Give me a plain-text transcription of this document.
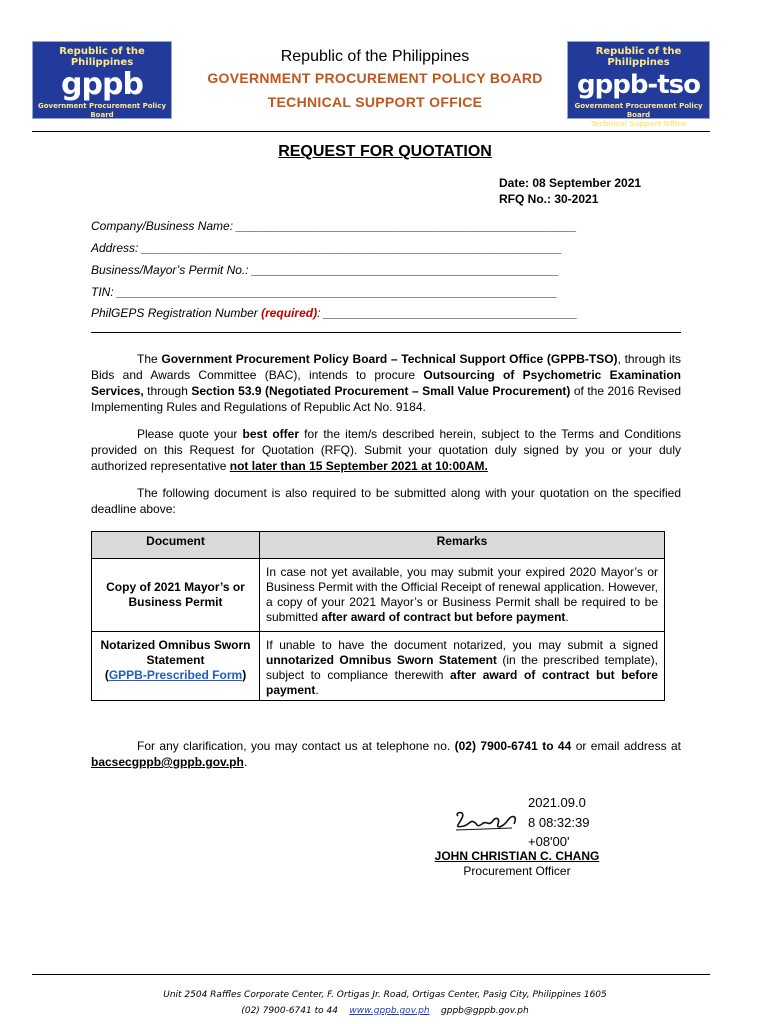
Republic of the Philippines
gppb
Government Procurement Policy Board
Republic of the Philippines
GOVERNMENT PROCUREMENT POLICY BOARD
TECHNICAL SUPPORT OFFICE
Republic of the Philippines
gppb-tso
Government Procurement Policy Board
Technical Support Office
REQUEST FOR QUOTATION
Date: 08 September 2021
RFQ No.: 30-2021
Company/Business Name: ___________________________________________________
Address: _______________________________________________________________
Business/Mayor’s Permit No.: ______________________________________________
TIN: __________________________________________________________________
PhilGEPS Registration Number (required): ______________________________________
The Government Procurement Policy Board – Technical Support Office (GPPB-TSO), through its Bids and Awards Committee (BAC), intends to procure Outsourcing of Psychometric Examination Services, through Section 53.9 (Negotiated Procurement – Small Value Procurement) of the 2016 Revised Implementing Rules and Regulations of Republic Act No. 9184.
Please quote your best offer for the item/s described herein, subject to the Terms and Conditions provided on this Request for Quotation (RFQ). Submit your quotation duly signed by you or your duly authorized representative not later than 15 September 2021 at 10:00AM.
The following document is also required to be submitted along with your quotation on the specified deadline above:
Document	Remarks
Copy of 2021 Mayor’s or Business Permit	In case not yet available, you may submit your expired 2020 Mayor’s or Business Permit with the Official Receipt of renewal application. However, a copy of your 2021 Mayor’s or Business Permit shall be required to be submitted after award of contract but before payment.
Notarized Omnibus Sworn Statement
(GPPB-Prescribed Form)	If unable to have the document notarized, you may submit a signed unnotarized Omnibus Sworn Statement (in the prescribed template), subject to compliance therewith after award of contract but before payment.
For any clarification, you may contact us at telephone no. (02) 7900-6741 to 44 or email address at bacsecgppb@gppb.gov.ph.
2021.09.0
8 08:32:39
+08'00'
JOHN CHRISTIAN C. CHANG
Procurement Officer
Unit 2504 Raffles Corporate Center, F. Ortigas Jr. Road, Ortigas Center, Pasig City, Philippines 1605
(02) 7900-6741 to 44 www.gppb.gov.ph gppb@gppb.gov.ph
